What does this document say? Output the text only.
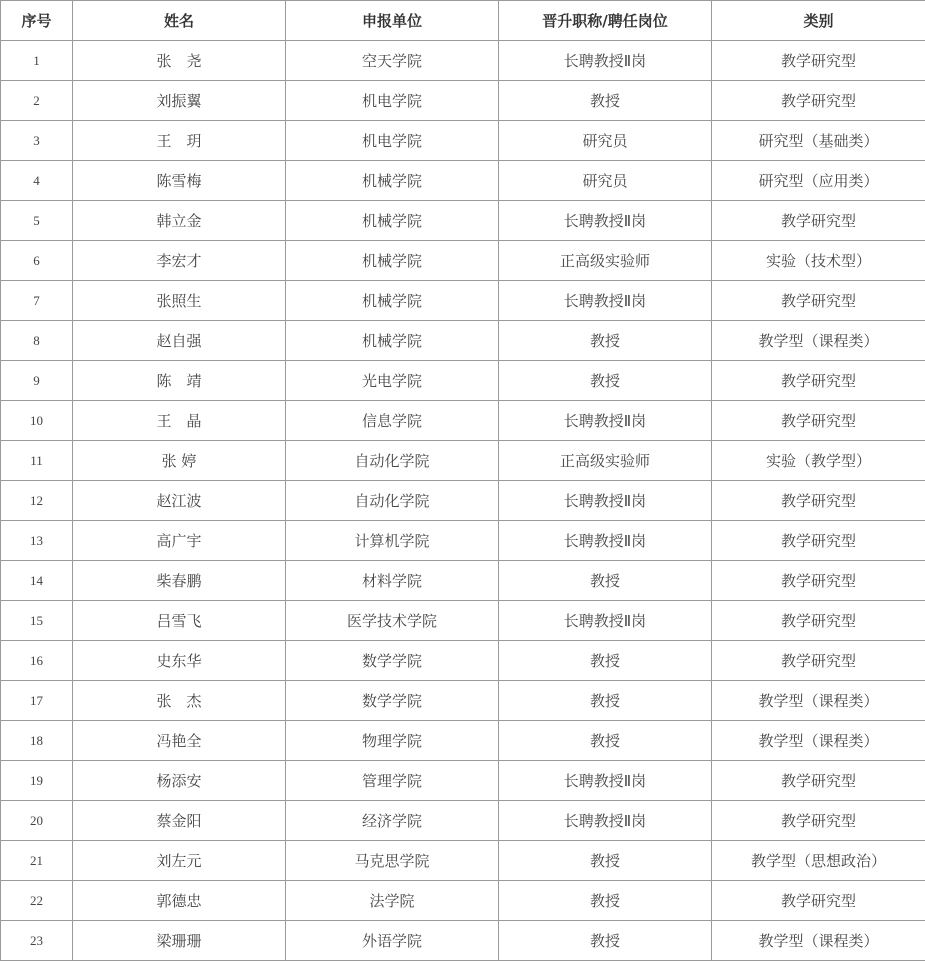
序号	姓名	申报单位	晋升职称/聘任岗位	类别
1	张　尧	空天学院	长聘教授Ⅱ岗	教学研究型
2	刘振翼	机电学院	教授	教学研究型
3	王　玥	机电学院	研究员	研究型（基础类）
4	陈雪梅	机械学院	研究员	研究型（应用类）
5	韩立金	机械学院	长聘教授Ⅱ岗	教学研究型
6	李宏才	机械学院	正高级实验师	实验（技术型）
7	张照生	机械学院	长聘教授Ⅱ岗	教学研究型
8	赵自强	机械学院	教授	教学型（课程类）
9	陈　靖	光电学院	教授	教学研究型
10	王　晶	信息学院	长聘教授Ⅱ岗	教学研究型
11	张 婷	自动化学院	正高级实验师	实验（教学型）
12	赵江波	自动化学院	长聘教授Ⅱ岗	教学研究型
13	高广宇	计算机学院	长聘教授Ⅱ岗	教学研究型
14	柴春鹏	材料学院	教授	教学研究型
15	吕雪飞	医学技术学院	长聘教授Ⅱ岗	教学研究型
16	史东华	数学学院	教授	教学研究型
17	张　杰	数学学院	教授	教学型（课程类）
18	冯艳全	物理学院	教授	教学型（课程类）
19	杨添安	管理学院	长聘教授Ⅱ岗	教学研究型
20	蔡金阳	经济学院	长聘教授Ⅱ岗	教学研究型
21	刘左元	马克思学院	教授	教学型（思想政治）
22	郭德忠	法学院	教授	教学研究型
23	梁珊珊	外语学院	教授	教学型（课程类）
